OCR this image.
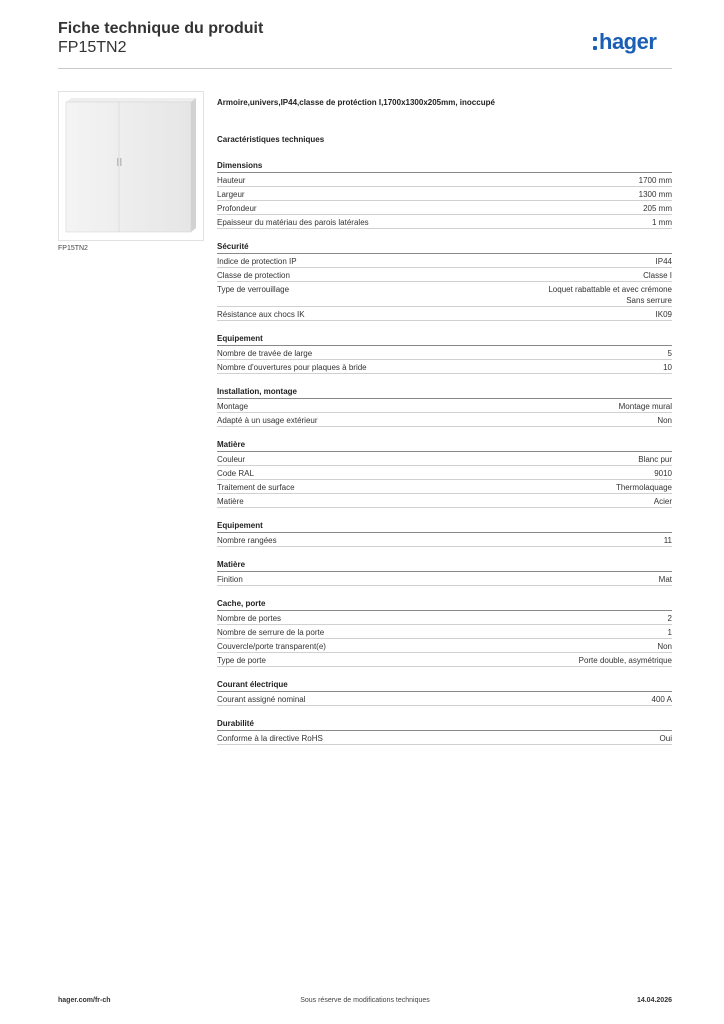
Fiche technique du produit
FP15TN2	hager
FP15TN2
Armoire,univers,IP44,classe de protéction I,1700x1300x205mm, inoccupé
Caractéristiques techniques
Dimensions
Hauteur	1700 mm
Largeur	1300 mm
Profondeur	205 mm
Epaisseur du matériau des parois latérales	1 mm
Sécurité
Indice de protection IP	IP44
Classe de protection	Classe I
Type de verrouillage	Loquet rabattable et avec crémone
Sans serrure
Résistance aux chocs IK	IK09
Equipement
Nombre de travée de large	5
Nombre d'ouvertures pour plaques à bride	10
Installation, montage
Montage	Montage mural
Adapté à un usage extérieur	Non
Matière
Couleur	Blanc pur
Code RAL	9010
Traitement de surface	Thermolaquage
Matière	Acier
Equipement
Nombre rangées	11
Matière
Finition	Mat
Cache, porte
Nombre de portes	2
Nombre de serrure de la porte	1
Couvercle/porte transparent(e)	Non
Type de porte	Porte double, asymétrique
Courant électrique
Courant assigné nominal	400 A
Durabilité
Conforme à la directive RoHS	Oui
hager.com/fr-ch	Sous réserve de modifications techniques	14.04.2026
